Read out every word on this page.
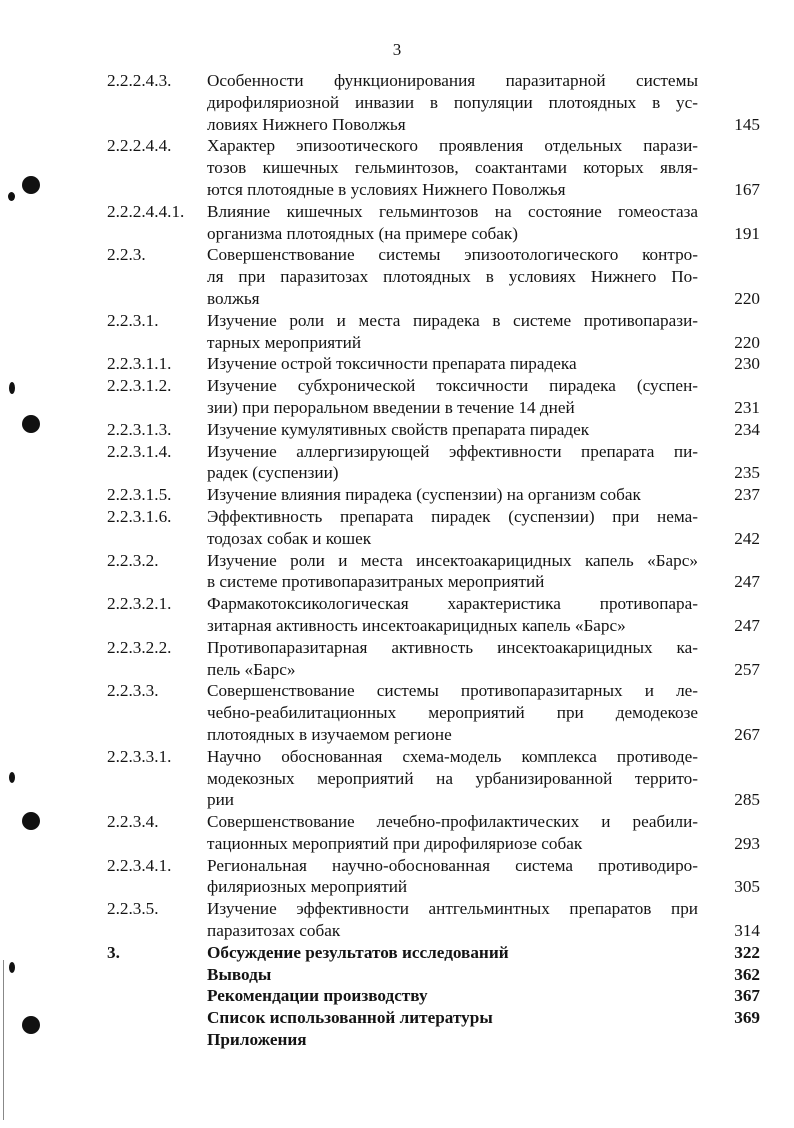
3
2.2.2.4.3. Особенности функционирования паразитарной системы
дирофиляриозной инвазии в популяции плотоядных в ус-
ловиях Нижнего Поволжья	145
2.2.2.4.4. Характер эпизоотического проявления отдельных парази-
тозов кишечных гельминтозов, соактантами которых явля-
ются плотоядные в условиях Нижнего Поволжья	167
2.2.2.4.4.1. Влияние кишечных гельминтозов на состояние гомеостаза
организма плотоядных (на примере собак)	191
2.2.3.	Совершенствование системы эпизоотологического контро-
ля при паразитозах плотоядных в условиях Нижнего По-
волжья	220
2.2.3.1.	Изучение роли и места пирадека в системе противопарази-
тарных мероприятий	220
2.2.3.1.1. Изучение острой токсичности препарата пирадека	230
2.2.3.1.2. Изучение субхронической токсичности пирадека (суспен-
зии) при пероральном введении в течение 14 дней	231
2.2.3.1.3. Изучение кумулятивных свойств препарата пирадек	234
2.2.3.1.4. Изучение аллергизирующей эффективности препарата пи-
радек (суспензии)	235
2.2.3.1.5. Изучение влияния пирадека (суспензии) на организм собак	237
2.2.3.1.6. Эффективность препарата пирадек (суспензии) при нема-
тодозах собак и кошек	242
2.2.3.2.	Изучение роли и места инсектоакарицидных капель «Барс»
в системе противопаразитраных мероприятий	247
2.2.3.2.1. Фармакотоксикологическая характеристика противопара-
зитарная активность инсектоакарицидных капель «Барс»	247
2.2.3.2.2. Противопаразитарная активность инсектоакарицидных ка-
пель «Барс»	257
2.2.3.3.	Совершенствование системы противопаразитарных и ле-
чебно-реабилитационных мероприятий при демодекозе
плотоядных в изучаемом регионе	267
2.2.3.3.1. Научно обоснованная схема-модель комплекса противоде-
модекозных мероприятий на урбанизированной террито-
рии	285
2.2.3.4.	Совершенствование лечебно-профилактических и реабили-
тационных мероприятий при дирофиляриозе собак	293
2.2.3.4.1. Региональная научно-обоснованная система противодиро-
филяриозных мероприятий	305
2.2.3.5.	Изучение эффективности антгельминтных препаратов при
паразитозах собак	314
3.	Обсуждение результатов исследований	322
Выводы	362
Рекомендации производству	367
Список использованной литературы	369
Приложения
